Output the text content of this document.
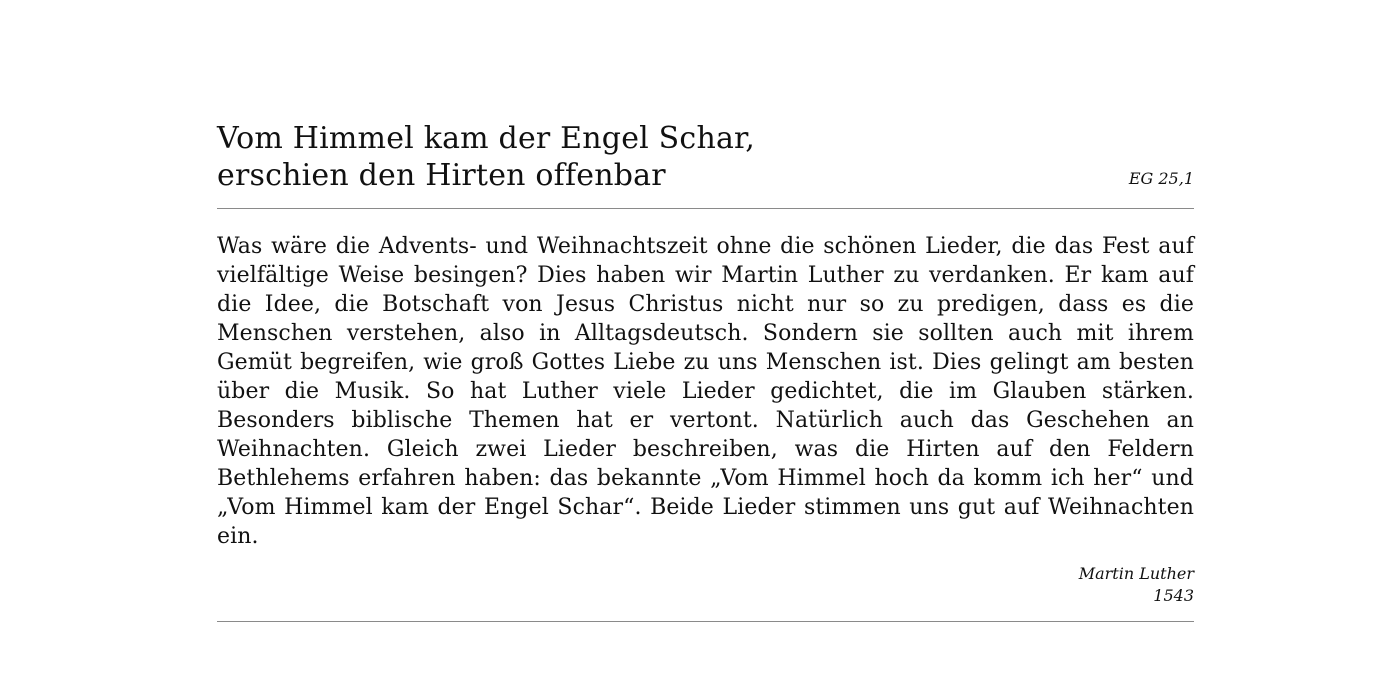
Vom Himmel kam der Engel Schar,
erschien den Hirten offenbar	EG 25,1

Was wäre die Advents- und Weihnachtszeit ohne die schönen Lieder, die das Fest auf vielfältige Weise besingen? Dies haben wir Martin Luther zu verdanken. Er kam auf die Idee, die Botschaft von Jesus Christus nicht nur so zu predigen, dass es die Menschen verstehen, also in Alltagsdeutsch. Sondern sie sollten auch mit ihrem Gemüt begreifen, wie groß Gottes Liebe zu uns Menschen ist. Dies gelingt am besten über die Musik. So hat Luther viele Lieder gedichtet, die im Glauben stärken. Besonders biblische Themen hat er vertont. Natürlich auch das Geschehen an Weihnachten. Gleich zwei Lieder beschreiben, was die Hirten auf den Feldern Bethlehems erfahren haben: das bekannte „Vom Himmel hoch da komm ich her“ und „Vom Himmel kam der Engel Schar“. Beide Lieder stimmen uns gut auf Weihnachten ein.

Martin Luther
1543
